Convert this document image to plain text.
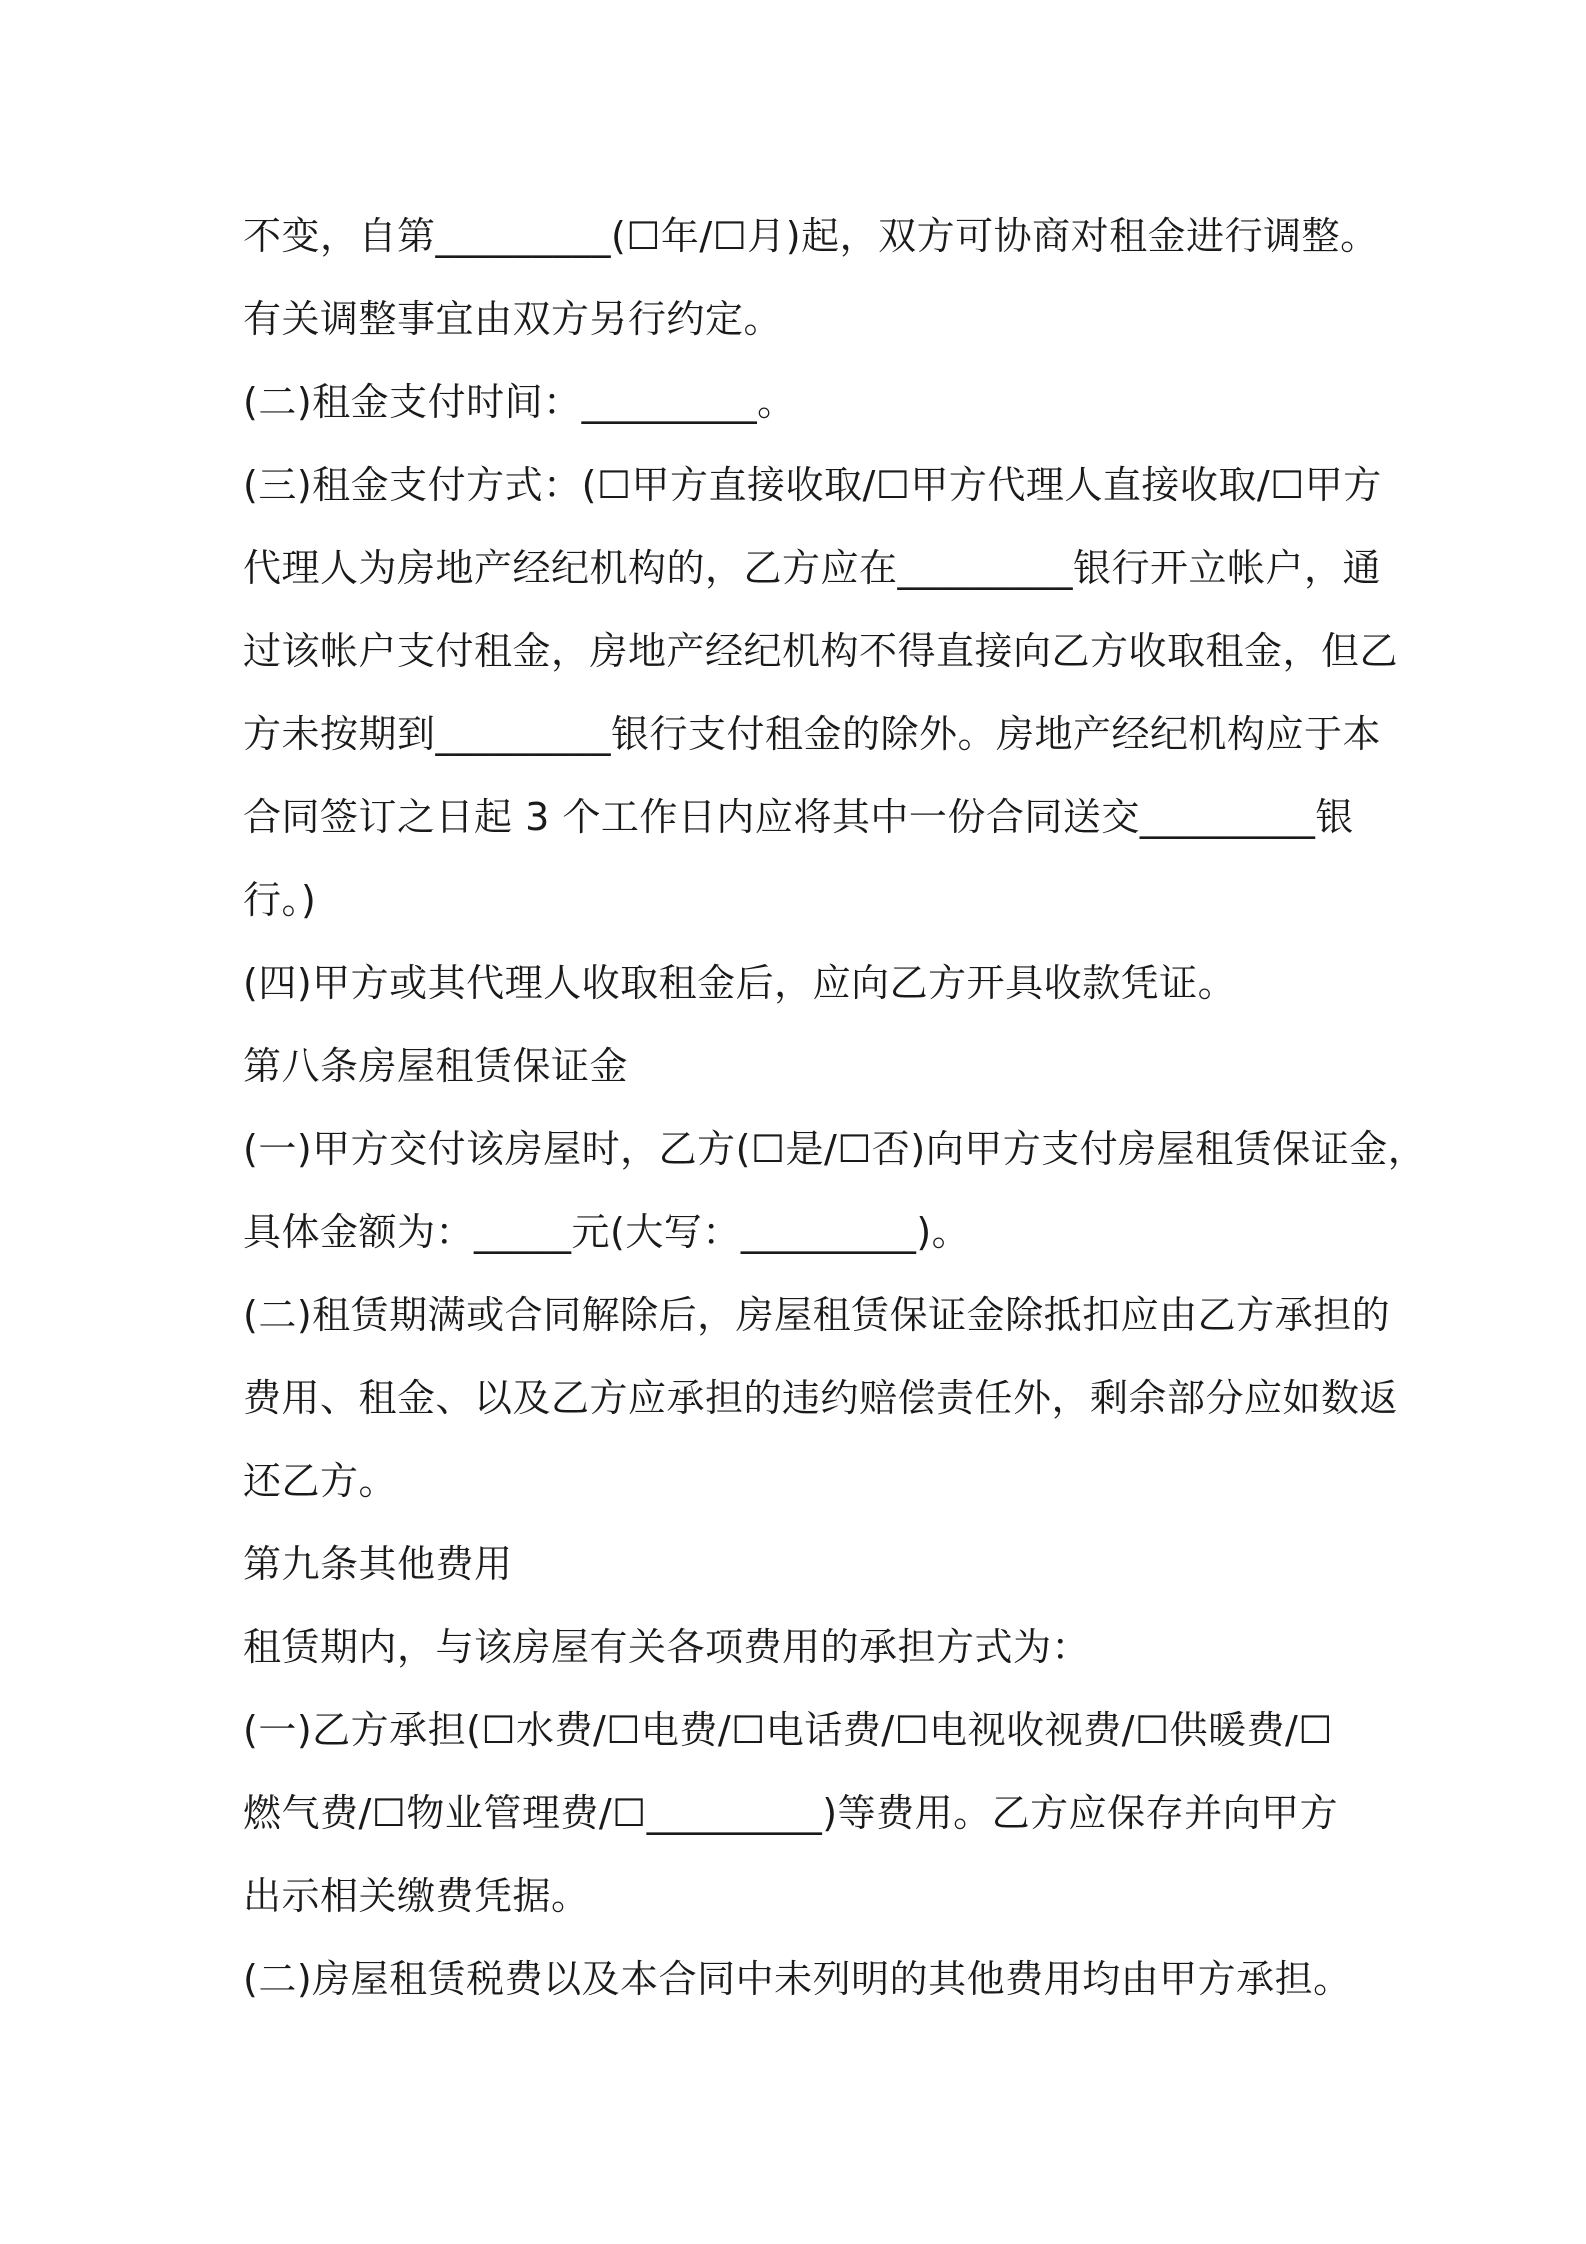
不变，自第_________(☐年/☐月)起，双方可协商对租金进行调整。
有关调整事宜由双方另行约定。
(二)租金支付时间：_________。
(三)租金支付方式：(☐甲方直接收取/☐甲方代理人直接收取/☐甲方
代理人为房地产经纪机构的，乙方应在_________银行开立帐户，通
过该帐户支付租金，房地产经纪机构不得直接向乙方收取租金，但乙
方未按期到_________银行支付租金的除外。房地产经纪机构应于本
合同签订之日起 3 个工作日内应将其中一份合同送交_________银
行。)
(四)甲方或其代理人收取租金后，应向乙方开具收款凭证。
第八条房屋租赁保证金
(一)甲方交付该房屋时，乙方(☐是/☐否)向甲方支付房屋租赁保证金，
具体金额为：_____元(大写：_________)。
(二)租赁期满或合同解除后，房屋租赁保证金除抵扣应由乙方承担的
费用、租金、以及乙方应承担的违约赔偿责任外，剩余部分应如数返
还乙方。
第九条其他费用
租赁期内，与该房屋有关各项费用的承担方式为：
(一)乙方承担(☐水费/☐电费/☐电话费/☐电视收视费/☐供暖费/☐
燃气费/☐物业管理费/☐_________)等费用。乙方应保存并向甲方
出示相关缴费凭据。
(二)房屋租赁税费以及本合同中未列明的其他费用均由甲方承担。
